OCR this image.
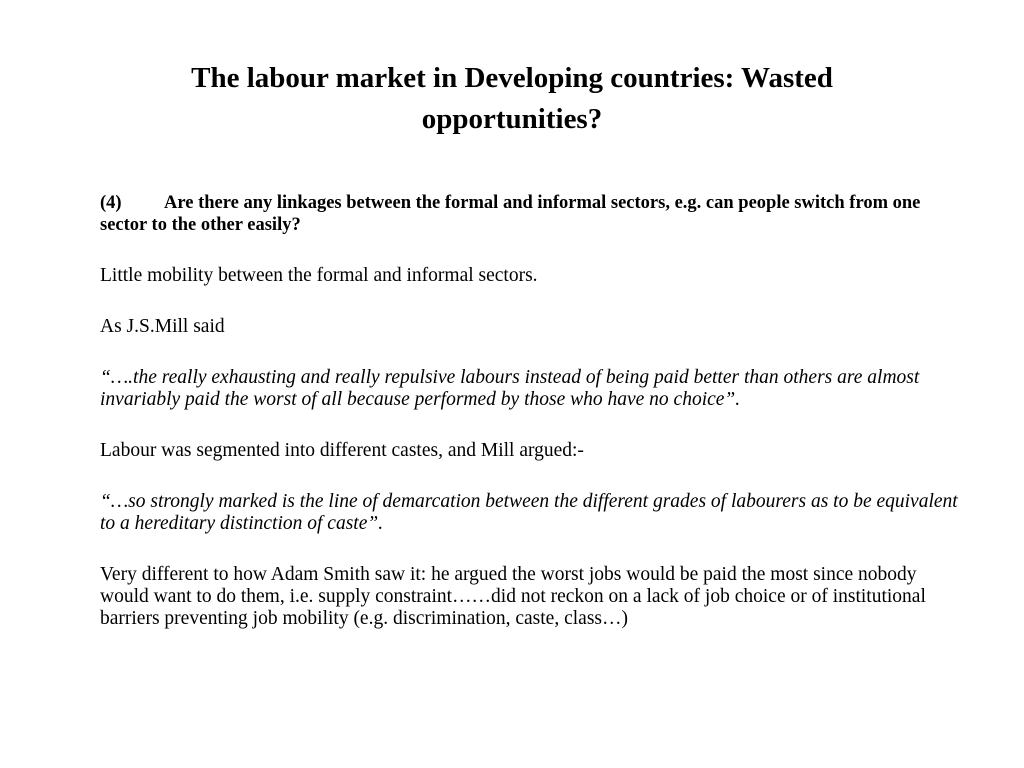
The labour market in Developing countries: Wasted opportunities?

(4) Are there any linkages between the formal and informal sectors, e.g. can people switch from one sector to the other easily?

Little mobility between the formal and informal sectors.

As J.S.Mill said

“….the really exhausting and really repulsive labours instead of being paid better than others are almost invariably paid the worst of all because performed by those who have no choice”.

Labour was segmented into different castes, and Mill argued:-

“…so strongly marked is the line of demarcation between the different grades of labourers as to be equivalent to a hereditary distinction of caste”.

Very different to how Adam Smith saw it: he argued the worst jobs would be paid the most since nobody would want to do them, i.e. supply constraint……did not reckon on a lack of job choice or of institutional barriers preventing job mobility (e.g. discrimination, caste, class…)
